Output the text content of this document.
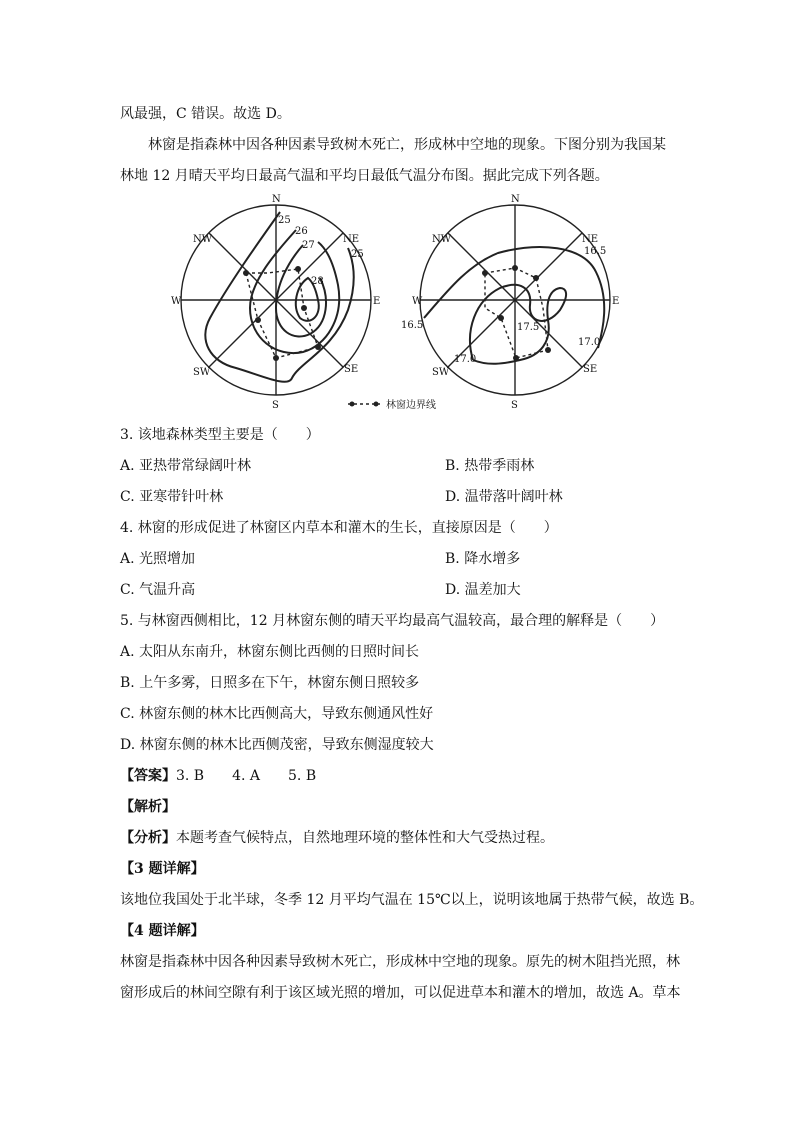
风最强，C 错误。故选 D。
林窗是指森林中因各种因素导致树木死亡，形成林中空地的现象。下图分别为我国某
林地 12 月晴天平均日最高气温和平均日最低气温分布图。据此完成下列各题。
N
NE
E
SE
S
SW
W
NW
25
26
27
28
25
N
NE
E
SE
S
SW
W
NW
16.5
16.5	17.5
17.0
17.0
林窗边界线
3. 该地森林类型主要是（　　）
A. 亚热带常绿阔叶林	B. 热带季雨林
C. 亚寒带针叶林	D. 温带落叶阔叶林
4. 林窗的形成促进了林窗区内草本和灌木的生长，直接原因是（　　）
A. 光照增加	B. 降水增多
C. 气温升高	D. 温差加大
5. 与林窗西侧相比，12 月林窗东侧的晴天平均最高气温较高，最合理的解释是（　　）
A. 太阳从东南升，林窗东侧比西侧的日照时间长
B. 上午多雾，日照多在下午，林窗东侧日照较多
C. 林窗东侧的林木比西侧高大，导致东侧通风性好
D. 林窗东侧的林木比西侧茂密，导致东侧湿度较大
【答案】3. B　　4. A　　5. B
【解析】
【分析】本题考查气候特点，自然地理环境的整体性和大气受热过程。
【3 题详解】
该地位我国处于北半球，冬季 12 月平均气温在 15℃以上，说明该地属于热带气候，故选 B。
【4 题详解】
林窗是指森林中因各种因素导致树木死亡，形成林中空地的现象。原先的树木阻挡光照，林
窗形成后的林间空隙有利于该区域光照的增加，可以促进草本和灌木的增加，故选 A。草本
